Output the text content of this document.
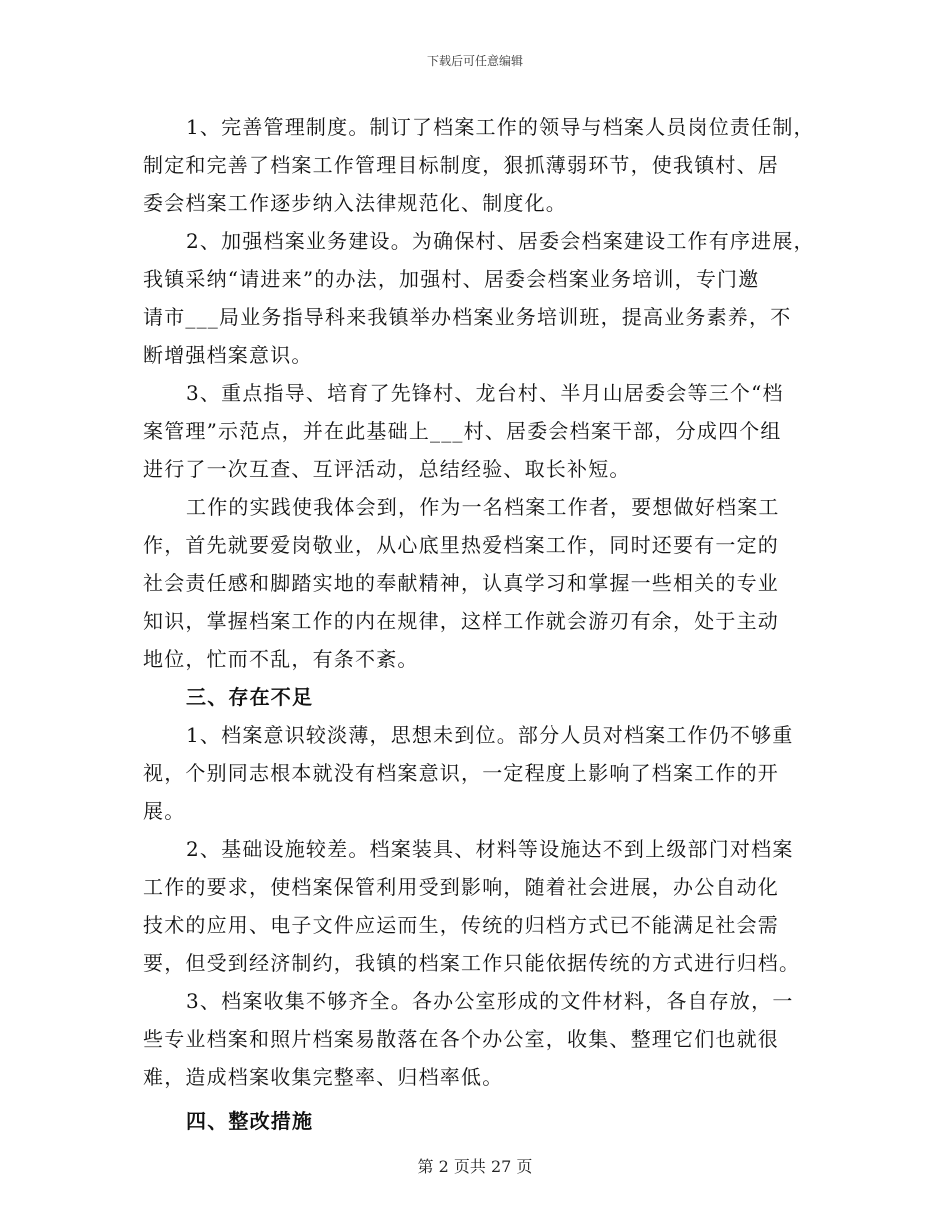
下载后可任意编辑

1、完善管理制度。制订了档案工作的领导与档案人员岗位责任制，
制定和完善了档案工作管理目标制度，狠抓薄弱环节，使我镇村、居
委会档案工作逐步纳入法律规范化、制度化。

2、加强档案业务建设。为确保村、居委会档案建设工作有序进展，
我镇采纳“请进来”的办法，加强村、居委会档案业务培训，专门邀
请市___局业务指导科来我镇举办档案业务培训班，提高业务素养，不
断增强档案意识。

3、重点指导、培育了先锋村、龙台村、半月山居委会等三个“档
案管理”示范点，并在此基础上___村、居委会档案干部，分成四个组
进行了一次互查、互评活动，总结经验、取长补短。

工作的实践使我体会到，作为一名档案工作者，要想做好档案工
作，首先就要爱岗敬业，从心底里热爱档案工作，同时还要有一定的
社会责任感和脚踏实地的奉献精神，认真学习和掌握一些相关的专业
知识，掌握档案工作的内在规律，这样工作就会游刃有余，处于主动
地位，忙而不乱，有条不紊。

三、存在不足

1、档案意识较淡薄，思想未到位。部分人员对档案工作仍不够重
视，个别同志根本就没有档案意识，一定程度上影响了档案工作的开
展。

2、基础设施较差。档案装具、材料等设施达不到上级部门对档案
工作的要求，使档案保管利用受到影响，随着社会进展，办公自动化
技术的应用、电子文件应运而生，传统的归档方式已不能满足社会需
要，但受到经济制约，我镇的档案工作只能依据传统的方式进行归档。

3、档案收集不够齐全。各办公室形成的文件材料，各自存放，一
些专业档案和照片档案易散落在各个办公室，收集、整理它们也就很
难，造成档案收集完整率、归档率低。

四、整改措施
第 2 页共 27 页
